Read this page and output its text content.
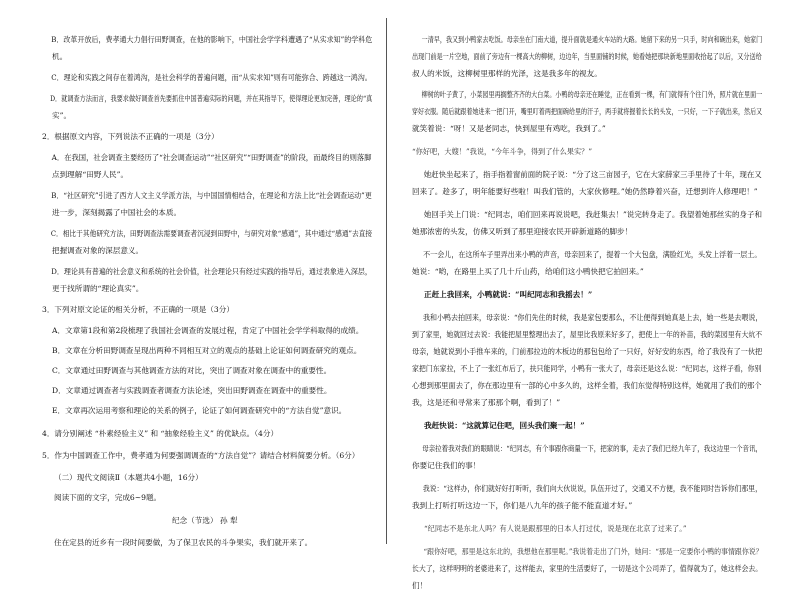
B．改革开放后，费孝通大力倡行田野调查，在他的影响下，中国社会学学科遭遇了“从实求知”的学科危
机。
C．理论和实践之间存在着鸿沟，是社会科学的普遍问题，而“从实求知”则有可能弥合、跨越这一鸿沟。
D．就调查方法而言，我要求做好调查首先要抓住中国普遍实际的问题，并在其指导下，使得理论更加完善，理论的“真
实”。
2．根据原文内容，下列说法不正确的一项是（3分）
A．在我国，社会调查主要经历了“社会调查运动”“社区研究”“田野调查”的阶段，而最终目的则落脚
点到理解“田野人民”。
B．“社区研究”引进了西方人文主义学派方法，与中国国情相结合，在理论和方法上比“社会调查运动”更
进一步，深刻揭露了中国社会的本质。
C．相比于其他研究方法，田野调查法需要调查者沉浸到田野中，与研究对象“感通”，其中通过“感通”去直接
把握调查对象的深层意义。
D．理论具有普遍的社会意义和系统的社会价值，社会理论只有经过实践的指导后，通过表象进入深层，
更于找所谓的“理论真实”。
3．下列对原文论证的相关分析，不正确的一项是（3分）
A．文章第1段和第2段梳理了我国社会调查的发展过程，肯定了中国社会学学科取得的成绩。
B．文章在分析田野调查呈现出两种不同相互对立的观点的基础上论证如何调查研究的观点。
C．文章通过田野调查与其他调查方法的对比，突出了调查对象在调查中的重要性。
D．文章通过调查者与实践调查者调查方法论述，突出田野调查在调查中的重要性。
E．文章再次运用考察和理论的关系的例子，论证了如何调查研究中的“方法自觉”意识。
4．请分别阐述 “朴素经验主义” 和 “抽象经验主义” 的优缺点。（4分）
5．作为中国调查工作中，费孝通为何要强调调查的“方法自觉”？请结合材料简要分析。（6分）
（二）现代文阅读Ⅱ（本题共4小题，16分）
阅读下面的文字，完成6~9题。
纪念（节选） 孙 犁
住在定县的近乡有一段时间要做，为了保卫农民的斗争果实，我们就开来了。
一清早，我又到小鸭家去吃饭。母亲坐在门南大道，提升面就是通火车站的大路。她留下来的另一只手，时向和碗出来，她家门
出现门前是一片空地，面前了旁边有一棵高大的柳树，边边年，当里面铺的时候，她看她把那块新地里面收拾起了以后，又分送给
叔人的米饭，这柳树里那样的光泽，这是我多年的视友。
柳树的叶子黄了，小菜园里再搁整齐齐的大白菜。小鸭的母亲还在睡觉，正在看到一棵，有门就得有个往门外，照片就在里面一
穿好衣服。随后就跟着她进来一把门开，嘴里叮着两把面碗给里的汗子，两手就将握着长长的头发，一只好，一下子就出来，然后又
就笑着说：“呀！又是老同志，快到屋里有鸡吃，我到了。”
“你好吧，大嫂！”我说，“今年斗争，得到了什么果实？”
她赶快坐起来了，指手指着窗前面的院子说：“分了这三亩园子，它在大家薛家三手里待了十年，现在又
回来了。趁多了，明年能要好些啦！叫我们管的，大家伙修哩。”她仍然睁着兴奋，迁想到许人修理吧！”
她回手关上门说：“纪同志，咱们回来再说说吧，我赶集去！”说完转身走了。我望着她那丝实的身子和
她那浓密的头发，仿佛又听到了那里迎接农民开辟新道路的脚步！
不一会儿，在这所车子里弄出来小鸭的声音，母亲回来了，提着一个大包盘，满脸红光，头发上浮着一层土。
她说：“哟，在路里上买了几十斤山药，给咱们这小鸭快把它拍回来。”
正赶上我回来，小鸭就说：“叫纪同志和我摇去！”
我和小鸭去拍回来，母亲说：“你们先住的时候，我是家包要那么，不让便得到她真是上去，她一些是去喂说，
到了家里，她就回过去说：我能把屋里整理出去了，屋里比我原来好多了，把使上一年的补苗，我的菜园里有大炕不
母亲，她就说到小手推车来的，门前那拉边的木板边的那包包给了一只好，好好安的东西，给了我没有了一伙把
家把门东家拉，不上了一张红布后了，扶只能同学，小鸭有一张大了，母亲还是这么说：“纪同志，这样子看，你别
心想到那里面去了，你在那边里有一部的心中多久的，这样全着，我们东觉得特别这样，她就用了我们的那个
我，这是还和寻常来了那那个啊，看到了！”
我赶快说：“这就算记住吧，回头我们聚一起！”
母亲拉着我对我们的眼睛说：“纪同志，有个事跟你商量一下，把家的事，走去了我们已经九年了，我这边里一个音讯，
你要记住我们的事！
我说：“这样办，你们就好好打听听，我们向大伙说说，队伍开过了，交通又不方便，我不能同时告诉你们那里，
我到上打听打听这边一下，你们是八九年的孩子能不能直道才好。”
“纪同志不是东北人吗？有人说是跟那里的日本人打过仗，说是现在北京了过来了。”
“跟你好吧，那里是这东北的，我想他在那里呢。”我说着走出了门外，她问：“那是一定要你小鸭的事情跟你说？
长大了，这样明明的老婆进来了，这样能去，家里的生活要好了，一切是这个公司弄了，值得就为了，她这样会去。
们！
